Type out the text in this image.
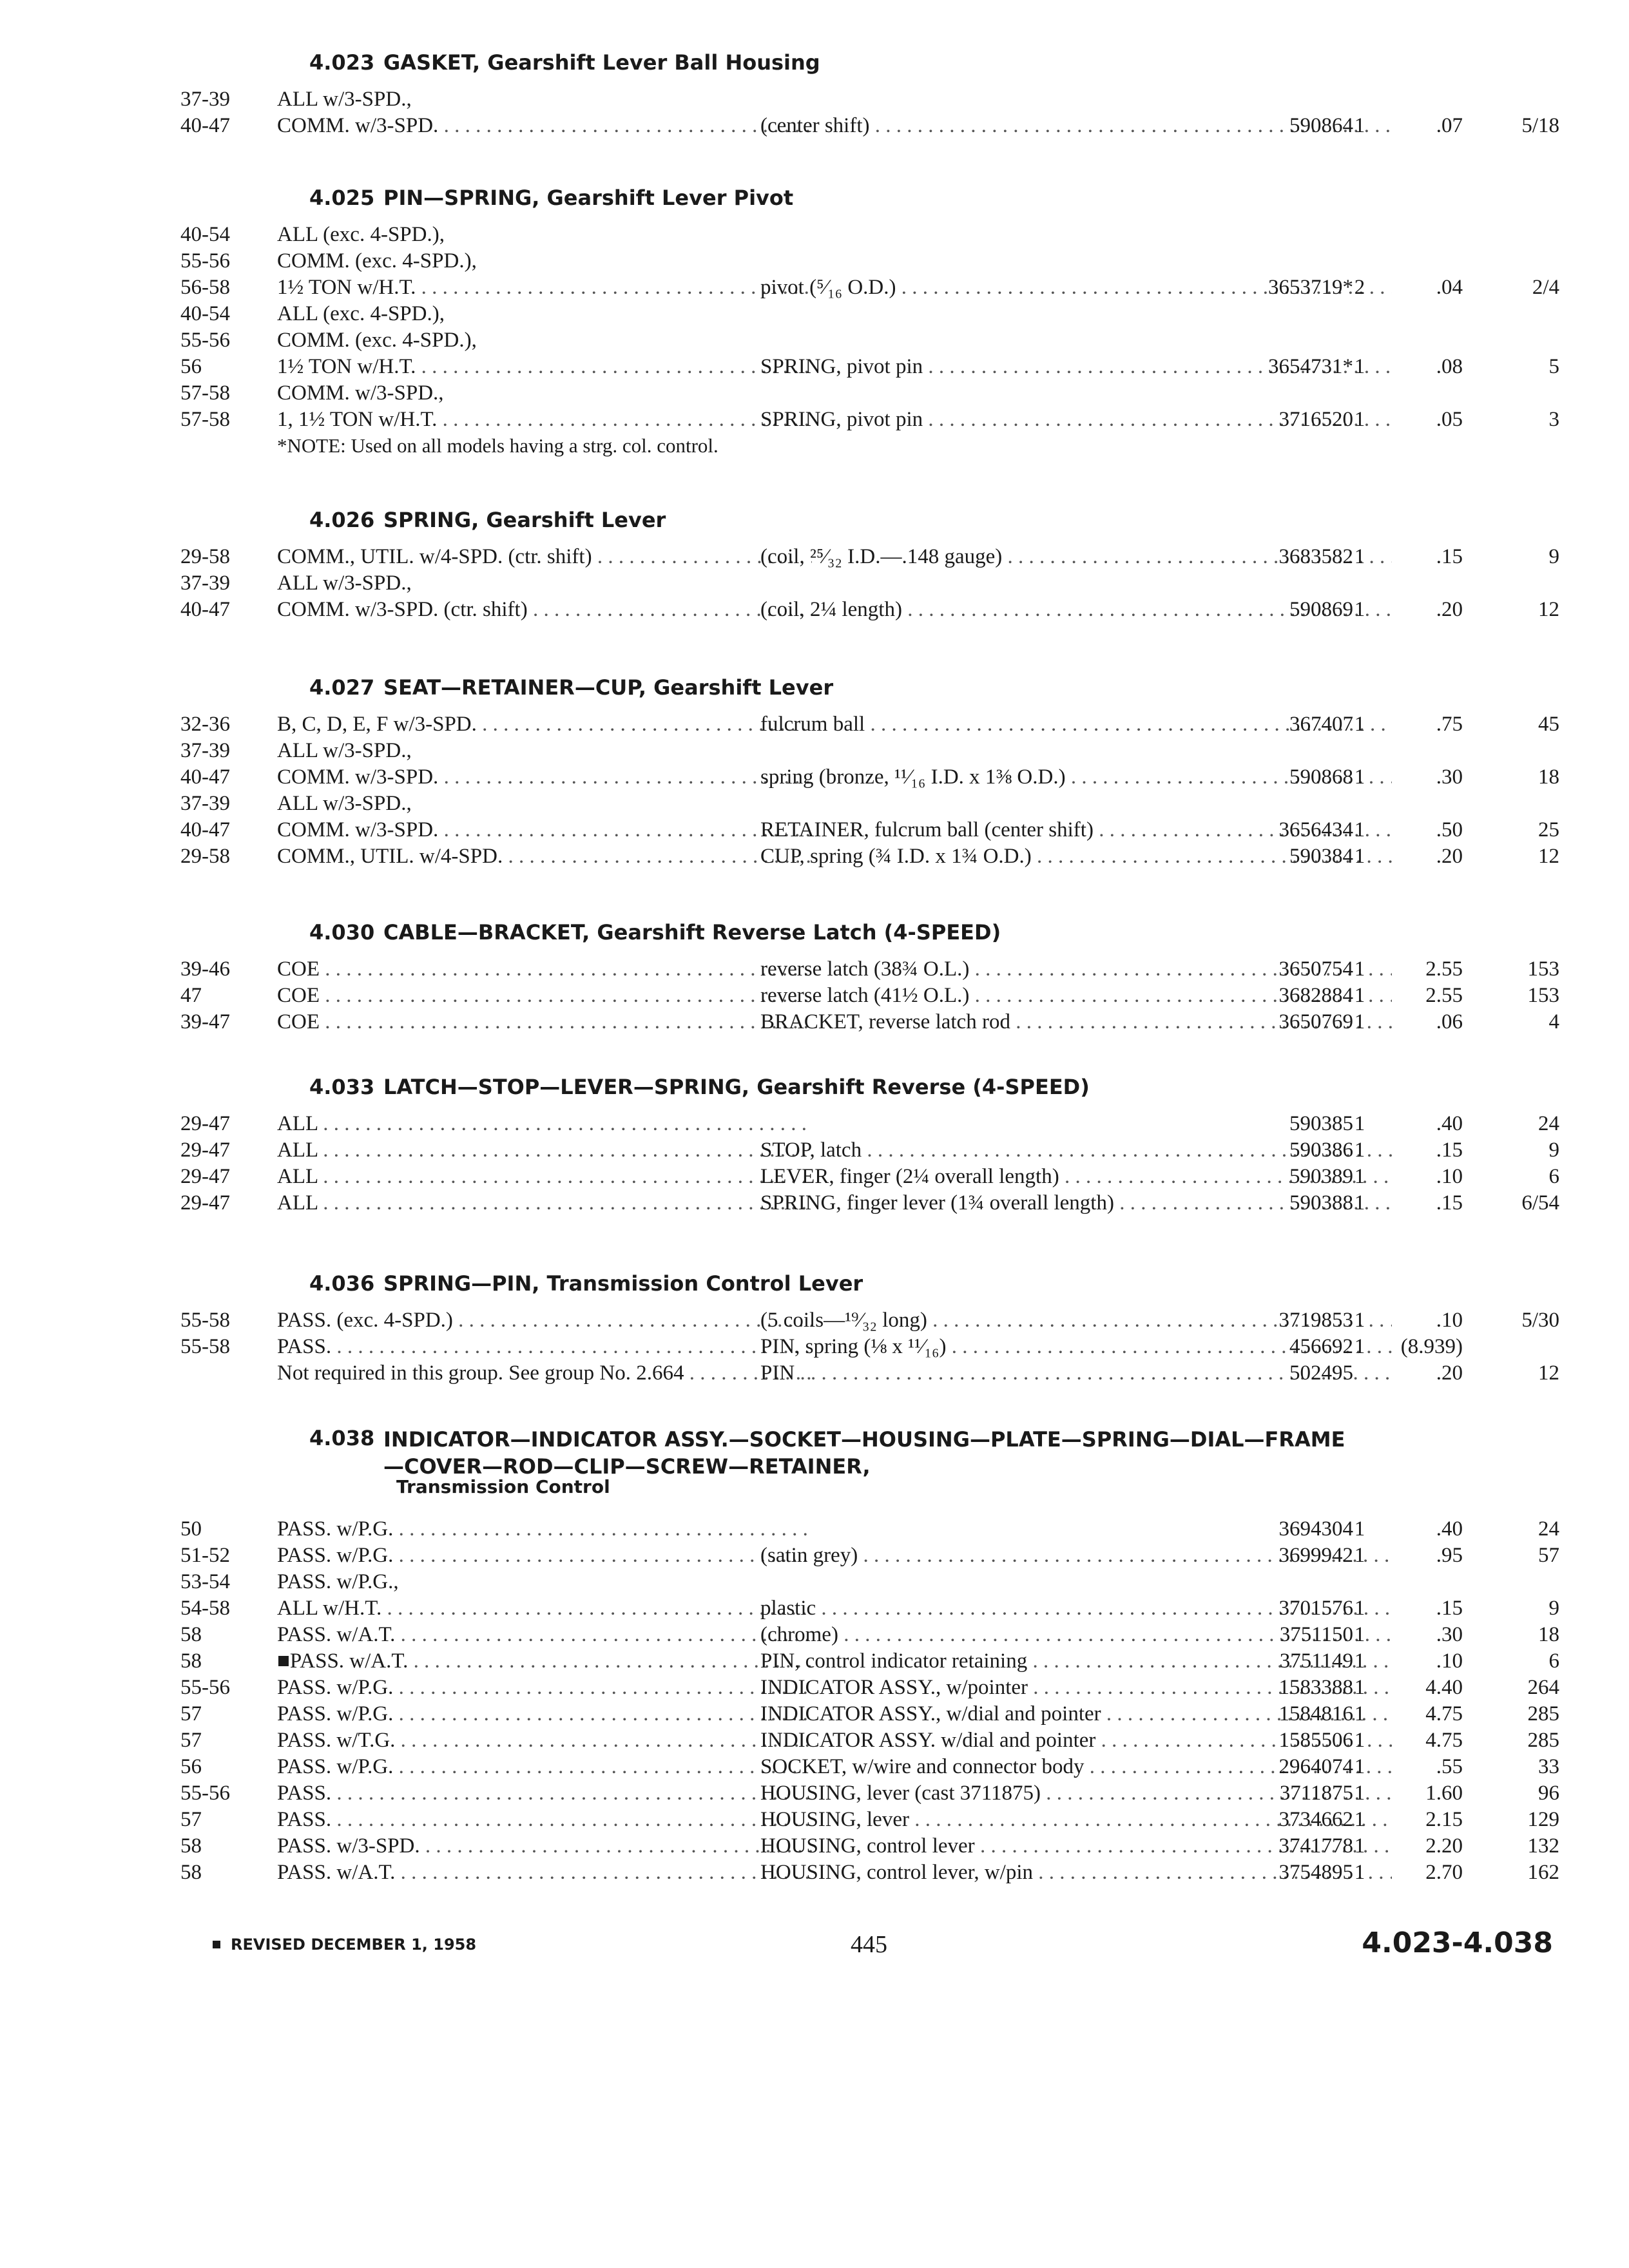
4.023 GASKET, Gearshift Lever Ball Housing
37-39 ALL w/3-SPD.,
40-47 COMM. w/3-SPD. . . .	(center shift) . . .	590864 1	.07	5/18
4.025 PIN—SPRING, Gearshift Lever Pivot
40-54 ALL (exc. 4-SPD.),
55-56 COMM. (exc. 4-SPD.),
56-58 1½ TON w/H.T. . . .	pivot (⁵⁄₁₆ O.D.) . . .	3653719* 2	.04	2/4
40-54 ALL (exc. 4-SPD.),
55-56 COMM. (exc. 4-SPD.),
56	1½ TON w/H.T. . . .	SPRING, pivot pin . . .	3654731* 1	.08	5
57-58 COMM. w/3-SPD.,
57-58 1, 1½ TON w/H.T. . . .	SPRING, pivot pin . . .	3716520 1	.05	3
*NOTE: Used on all models having a strg. col. control.
4.026 SPRING, Gearshift Lever
29-58 COMM., UTIL. w/4-SPD. (ctr. shift) . . .	(coil, ²⁵⁄₃₂ I.D.—.148 gauge) . . .	3683582 1	.15	9
37-39 ALL w/3-SPD.,
40-47 COMM. w/3-SPD. (ctr. shift) . . .	(coil, 2¼ length) . . .	590869 1	.20	12
4.027 SEAT—RETAINER—CUP, Gearshift Lever
32-36 B, C, D, E, F w/3-SPD. . . .	fulcrum ball . . .	367407 1	.75	45
37-39 ALL w/3-SPD.,
40-47 COMM. w/3-SPD. . . .	spring (bronze, ¹¹⁄₁₆ I.D. x 1⅜ O.D.) . . .	590868 1	.30	18
37-39 ALL w/3-SPD.,
40-47 COMM. w/3-SPD. . . .	RETAINER, fulcrum ball (center shift) . . .	3656434 1	.50	25
29-58 COMM., UTIL. w/4-SPD. . . .	CUP, spring (¾ I.D. x 1¾ O.D.) . . .	590384 1	.20	12
4.030 CABLE—BRACKET, Gearshift Reverse Latch (4-SPEED)
39-46 COE . . .	reverse latch (38¾ O.L.) . . .	3650754 1	2.55	153
47	COE . . .	reverse latch (41½ O.L.) . . .	3682884 1	2.55	153
39-47 COE . . .	BRACKET, reverse latch rod . . .	3650769 1	.06	4
4.033 LATCH—STOP—LEVER—SPRING, Gearshift Reverse (4-SPEED)
29-47 ALL . . .	590385 1	.40	24
29-47 ALL . . .	STOP, latch . . .	590386 1	.15	9
29-47 ALL . . .	LEVER, finger (2¼ overall length) . . .	590389 1	.10	6
29-47 ALL . . .	SPRING, finger lever (1¾ overall length) . . .	590388 1	.15	6/54
4.036 SPRING—PIN, Transmission Control Lever
55-58 PASS. (exc. 4-SPD.) . . .	(5 coils—¹⁹⁄₃₂ long) . . .	3719853 1	.10	5/30
55-58 PASS. . . .	PIN, spring (⅛ x ¹¹⁄₁₆) . . .	456692 1	(8.939)
Not required in this group. See group No. 2.664 . . .	PIN . . .	502495	.20	12
4.038 INDICATOR—INDICATOR ASSY.—SOCKET—HOUSING—PLATE—SPRING—DIAL—FRAME—COVER—ROD—CLIP—SCREW—RETAINER,
Transmission Control
50	PASS. w/P.G. . . .	3694304 1	.40	24
51-52 PASS. w/P.G. . . .	(satin grey) . . .	3699942 1	.95	57
53-54 PASS. w/P.G.,
54-58 ALL w/H.T. . . .	plastic . . .	3701576 1	.15	9
58	PASS. w/A.T. . . .	(chrome) . . .	3751150 1	.30	18
58	■PASS. w/A.T. . . .	PIN, control indicator retaining . . .	3751149 1	.10	6
55-56 PASS. w/P.G. . . .	INDICATOR ASSY., w/pointer . . .	1583388 1	4.40	264
57	PASS. w/P.G. . . .	INDICATOR ASSY., w/dial and pointer . . .	1584816 1	4.75	285
57	PASS. w/T.G. . . .	INDICATOR ASSY. w/dial and pointer . . .	1585506 1	4.75	285
56	PASS. w/P.G. . . .	SOCKET, w/wire and connector body . . .	2964074 1	.55	33
55-56 PASS. . . .	HOUSING, lever (cast 3711875) . . .	3711875 1	1.60	96
57	PASS. . . .	HOUSING, lever . . .	3734662 1	2.15	129
58	PASS. w/3-SPD. . . .	HOUSING, control lever . . .	3741778 1	2.20	132
58	PASS. w/A.T. . . .	HOUSING, control lever, w/pin . . .	3754895 1	2.70	162
REVISED DECEMBER 1, 1958	445	4.023-4.038
